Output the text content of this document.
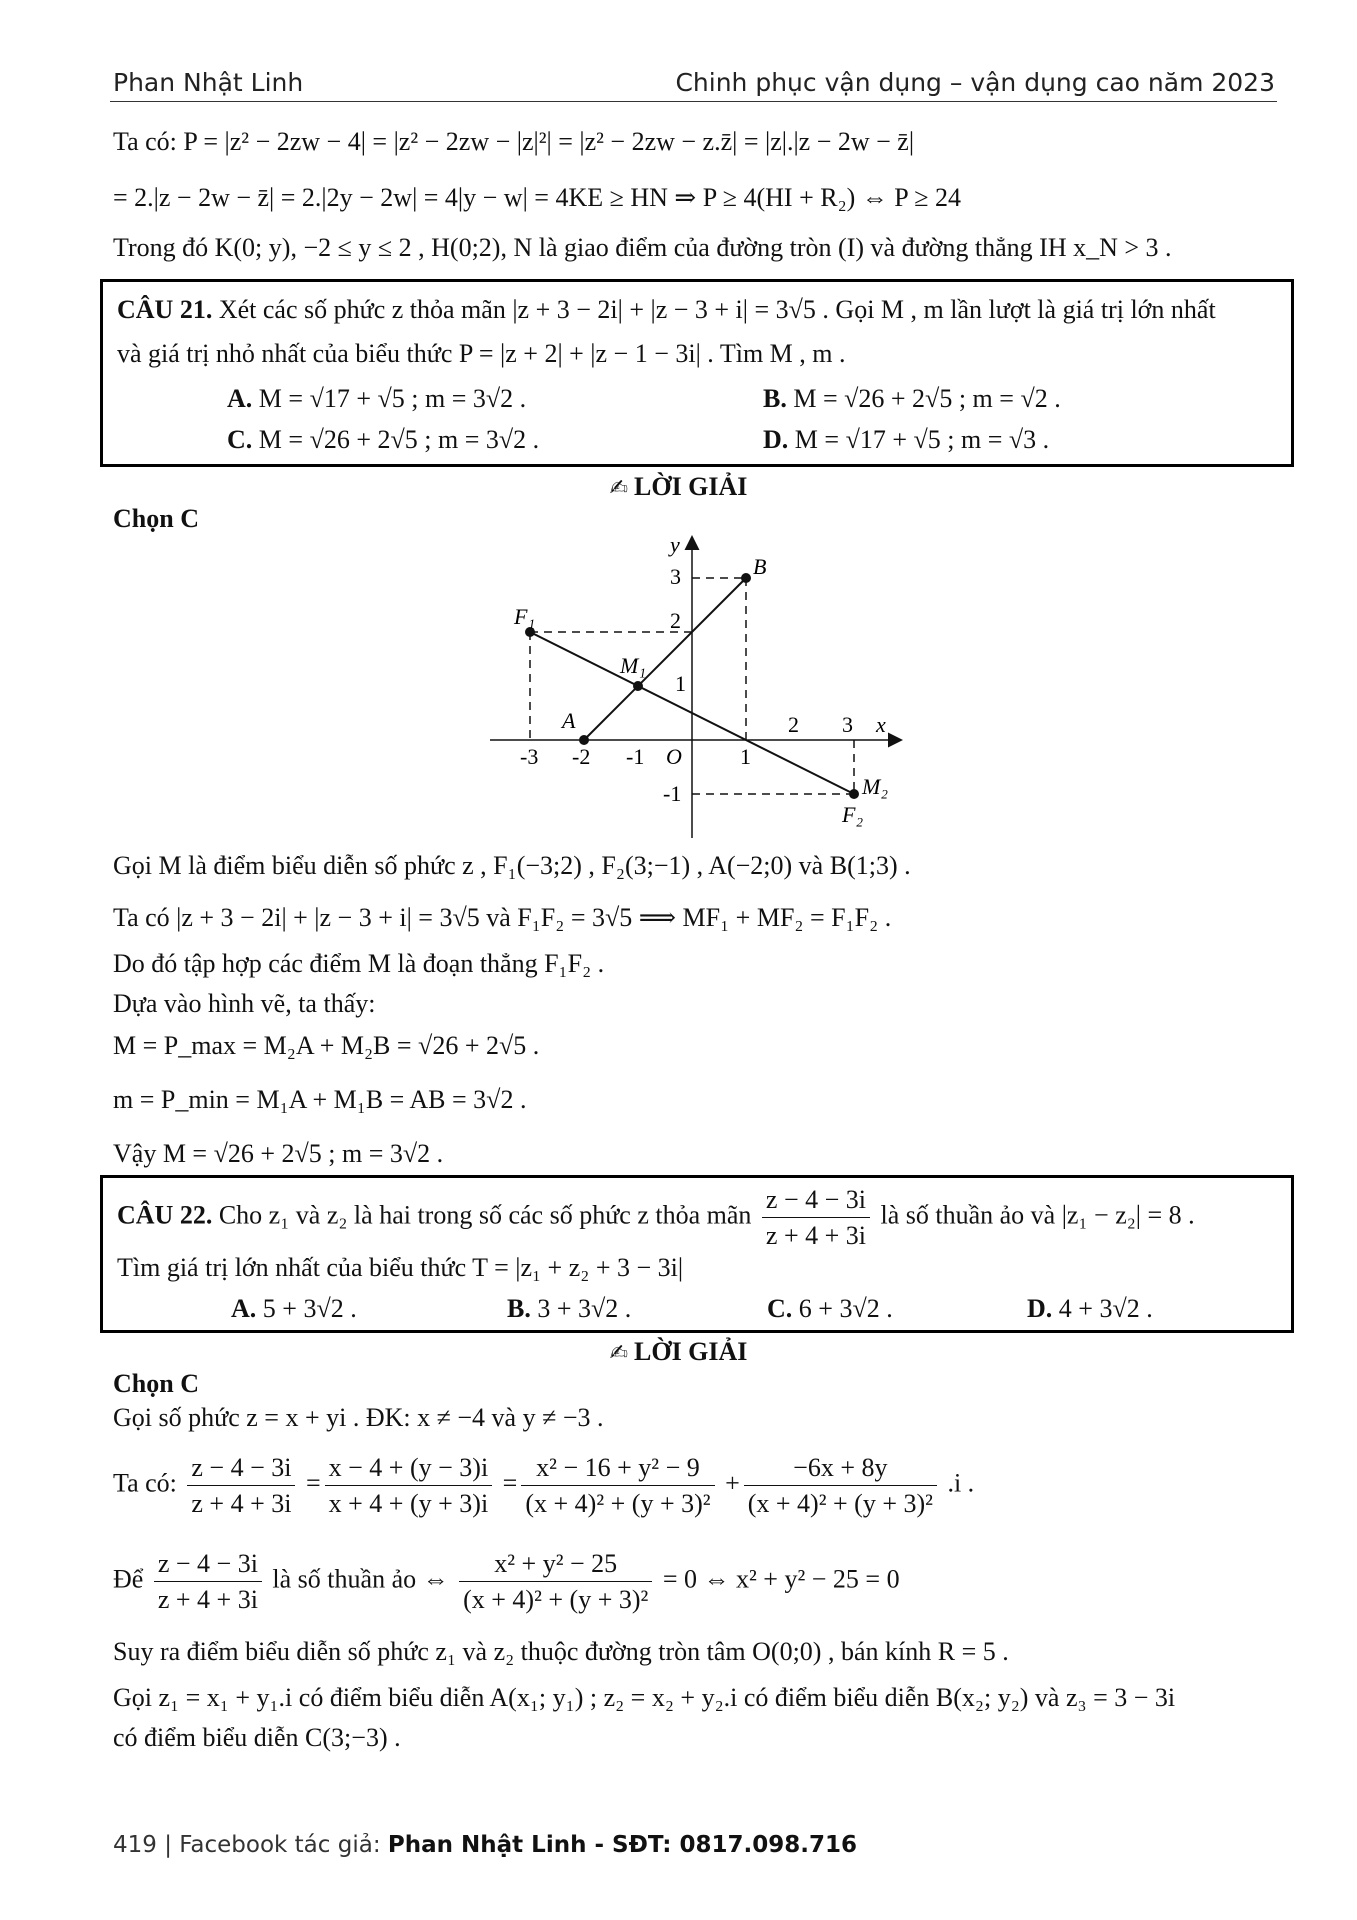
Phan Nhật Linh	Chinh phục vận dụng – vận dụng cao năm 2023
Ta có: P = |z² − 2zw − 4| = |z² − 2zw − |z|²| = |z² − 2zw − z.z̄| = |z|.|z − 2w − z̄|
= 2.|z − 2w − z̄| = 2.|2y − 2w| = 4|y − w| = 4KE ≥ HN ⇒ P ≥ 4(HI + R₂) ⇔ P ≥ 24
Trong đó K(0; y), −2 ≤ y ≤ 2 , H(0;2), N là giao điểm của đường tròn (I) và đường thẳng IH x_N > 3 .
CÂU 21. Xét các số phức z thỏa mãn |z + 3 − 2i| + |z − 3 + i| = 3√5 . Gọi M , m lần lượt là giá trị lớn nhất
và giá trị nhỏ nhất của biểu thức P = |z + 2| + |z − 1 − 3i| . Tìm M , m .
A. M = √17 + √5 ; m = 3√2 .	B. M = √26 + 2√5 ; m = √2 .
C. M = √26 + 2√5 ; m = 3√2 .	D. M = √17 + √5 ; m = √3 .
✍ LỜI GIẢI
Chọn C
-3 -2 -1	1
2 3
3
2
1
-1
x
y
O
B
F₁
M₁
A
M₂
F₂
Gọi M là điểm biểu diễn số phức z , F₁(−3;2) , F₂(3;−1) , A(−2;0) và B(1;3) .
Ta có |z + 3 − 2i| + |z − 3 + i| = 3√5 và F₁F₂ = 3√5 ⟹ MF₁ + MF₂ = F₁F₂ .
Do đó tập hợp các điểm M là đoạn thẳng F₁F₂ .
Dựa vào hình vẽ, ta thấy:
M = P_max = M₂A + M₂B = √26 + 2√5 .
m = P_min = M₁A + M₁B = AB = 3√2 .
Vậy M = √26 + 2√5 ; m = 3√2 .
CÂU 22. Cho z₁ và z₂ là hai trong số các số phức z thỏa mãn $\frac{z - 4 - 3i}{z + 4 + 3i}$ là số thuần ảo và |z₁ − z₂| = 8 .
Tìm giá trị lớn nhất của biểu thức T = |z₁ + z₂ + 3 − 3i|
A. 5 + 3√2 .	B. 3 + 3√2 .	C. 6 + 3√2 .	D. 4 + 3√2 .
✍ LỜI GIẢI
Chọn C
Gọi số phức z = x + yi . ĐK: x ≠ −4 và y ≠ −3 .
Ta có: $\frac{z - 4 - 3i}{z + 4 + 3i} = \frac{x - 4 + (y - 3)i}{x + 4 + (y + 3)i} = \frac{\text{x² − 16 + y² − 9}}{\text{(x + 4)² + (y + 3)²}} + \frac{-6x + 8y}{\text{(x + 4)² + (y + 3)²}} .i$ .
Để $\frac{z - 4 - 3i}{z + 4 + 3i}$ là số thuần ảo ⇔ $\frac{\text{x² + y² − 25}}{\text{(x + 4)² + (y + 3)²}} = 0$ ⇔ x² + y² − 25 = 0
Suy ra điểm biểu diễn số phức z₁ và z₂ thuộc đường tròn tâm O(0;0) , bán kính R = 5 .
Gọi z₁ = x₁ + y₁.i có điểm biểu diễn A(x₁; y₁) ; z₂ = x₂ + y₂.i có điểm biểu diễn B(x₂; y₂) và z₃ = 3 − 3i
có điểm biểu diễn C(3;−3) .
419 | Facebook tác giả: Phan Nhật Linh - SĐT: 0817.098.716
